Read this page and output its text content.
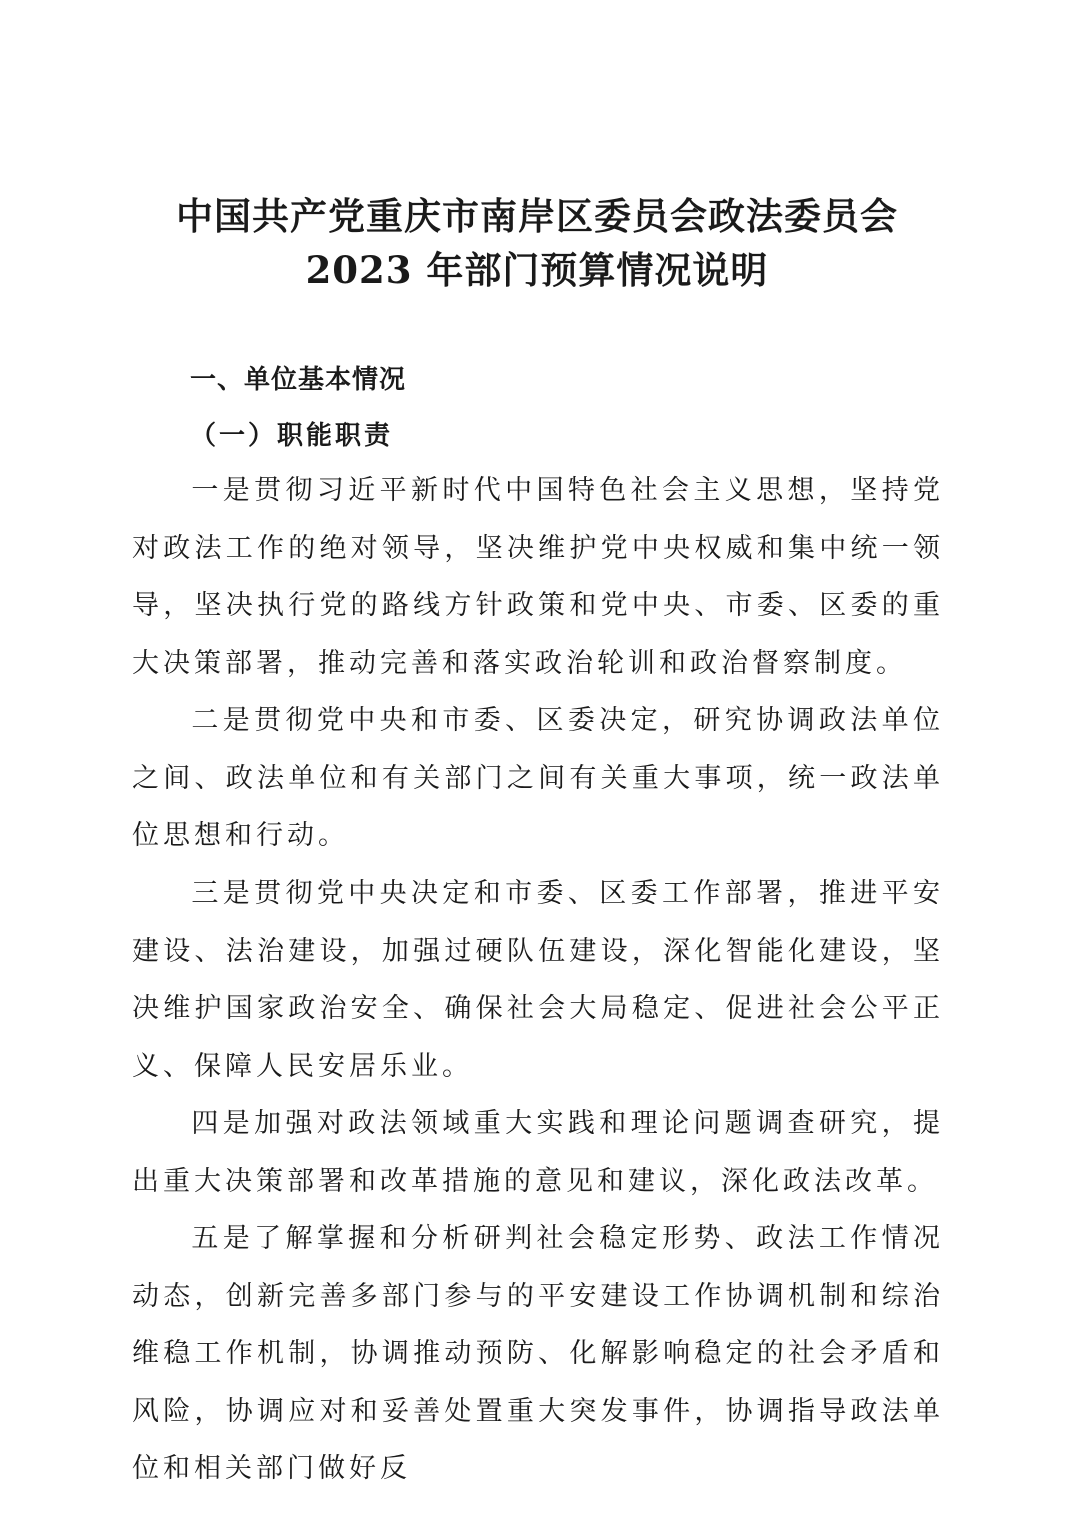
中国共产党重庆市南岸区委员会政法委员会
2023 年部门预算情况说明
一、单位基本情况
（一）职能职责

一是贯彻习近平新时代中国特色社会主义思想，坚持党对政法工作的绝对领导，坚决维护党中央权威和集中统一领导，坚决执行党的路线方针政策和党中央、市委、区委的重大决策部署，推动完善和落实政治轮训和政治督察制度。

二是贯彻党中央和市委、区委决定，研究协调政法单位之间、政法单位和有关部门之间有关重大事项，统一政法单位思想和行动。

三是贯彻党中央决定和市委、区委工作部署，推进平安建设、法治建设，加强过硬队伍建设，深化智能化建设，坚决维护国家政治安全、确保社会大局稳定、促进社会公平正义、保障人民安居乐业。

四是加强对政法领域重大实践和理论问题调查研究，提出重大决策部署和改革措施的意见和建议，深化政法改革。

五是了解掌握和分析研判社会稳定形势、政法工作情况动态，创新完善多部门参与的平安建设工作协调机制和综治维稳工作机制，协调推动预防、化解影响稳定的社会矛盾和风险，协调应对和妥善处置重大突发事件，协调指导政法单位和相关部门做好反
